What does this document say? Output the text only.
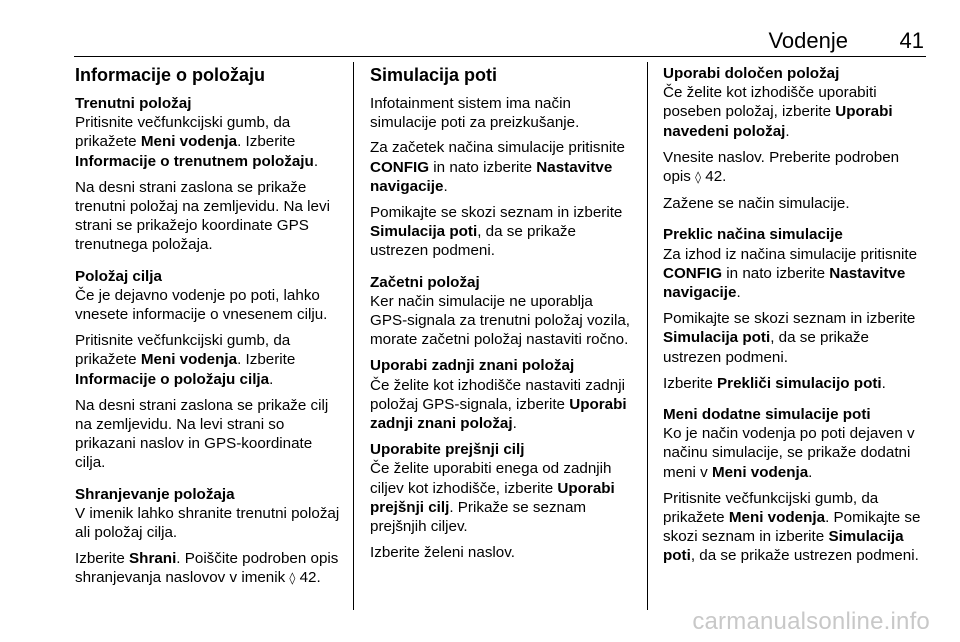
Vodenje 41
Informacije o položaju
Trenutni položaj

Pritisnite večfunkcijski gumb, da prikažete Meni vodenja. Izberite Informacije o trenutnem položaju.

Na desni strani zaslona se prikaže trenutni položaj na zemljevidu. Na levi strani se prikažejo koordinate GPS trenutnega položaja.

Položaj cilja

Če je dejavno vodenje po poti, lahko vnesete informacije o vnesenem cilju.

Pritisnite večfunkcijski gumb, da prikažete Meni vodenja. Izberite Informacije o položaju cilja.

Na desni strani zaslona se prikaže cilj na zemljevidu. Na levi strani so prikazani naslov in GPS-koordinate cilja.

Shranjevanje položaja

V imenik lahko shranite trenutni položaj ali položaj cilja.

Izberite Shrani. Poiščite podroben opis shranjevanja naslovov v imenik ◊ 42.

Simulacija poti

Infotainment sistem ima način simulacije poti za preizkušanje.

Za začetek načina simulacije pritisnite CONFIG in nato izberite Nastavitve navigacije.

Pomikajte se skozi seznam in izberite Simulacija poti, da se prikaže ustrezen podmeni.

Začetni položaj

Ker način simulacije ne uporablja GPS-signala za trenutni položaj vozila, morate začetni položaj nastaviti ročno.

Uporabi zadnji znani položaj

Če želite kot izhodišče nastaviti zadnji položaj GPS-signala, izberite Uporabi zadnji znani položaj.

Uporabite prejšnji cilj

Če želite uporabiti enega od zadnjih ciljev kot izhodišče, izberite Uporabi prejšnji cilj. Prikaže se seznam prejšnjih ciljev.

Izberite želeni naslov.

Uporabi določen položaj

Če želite kot izhodišče uporabiti poseben položaj, izberite Uporabi navedeni položaj.

Vnesite naslov. Preberite podroben opis ◊ 42.

Zažene se način simulacije.

Preklic načina simulacije

Za izhod iz načina simulacije pritisnite CONFIG in nato izberite Nastavitve navigacije.

Pomikajte se skozi seznam in izberite Simulacija poti, da se prikaže ustrezen podmeni.

Izberite Prekliči simulacijo poti.

Meni dodatne simulacije poti

Ko je način vodenja po poti dejaven v načinu simulacije, se prikaže dodatni meni v Meni vodenja.

Pritisnite večfunkcijski gumb, da prikažete Meni vodenja. Pomikajte se skozi seznam in izberite Simulacija poti, da se prikaže ustrezen podmeni.

carmanualsonline.info
